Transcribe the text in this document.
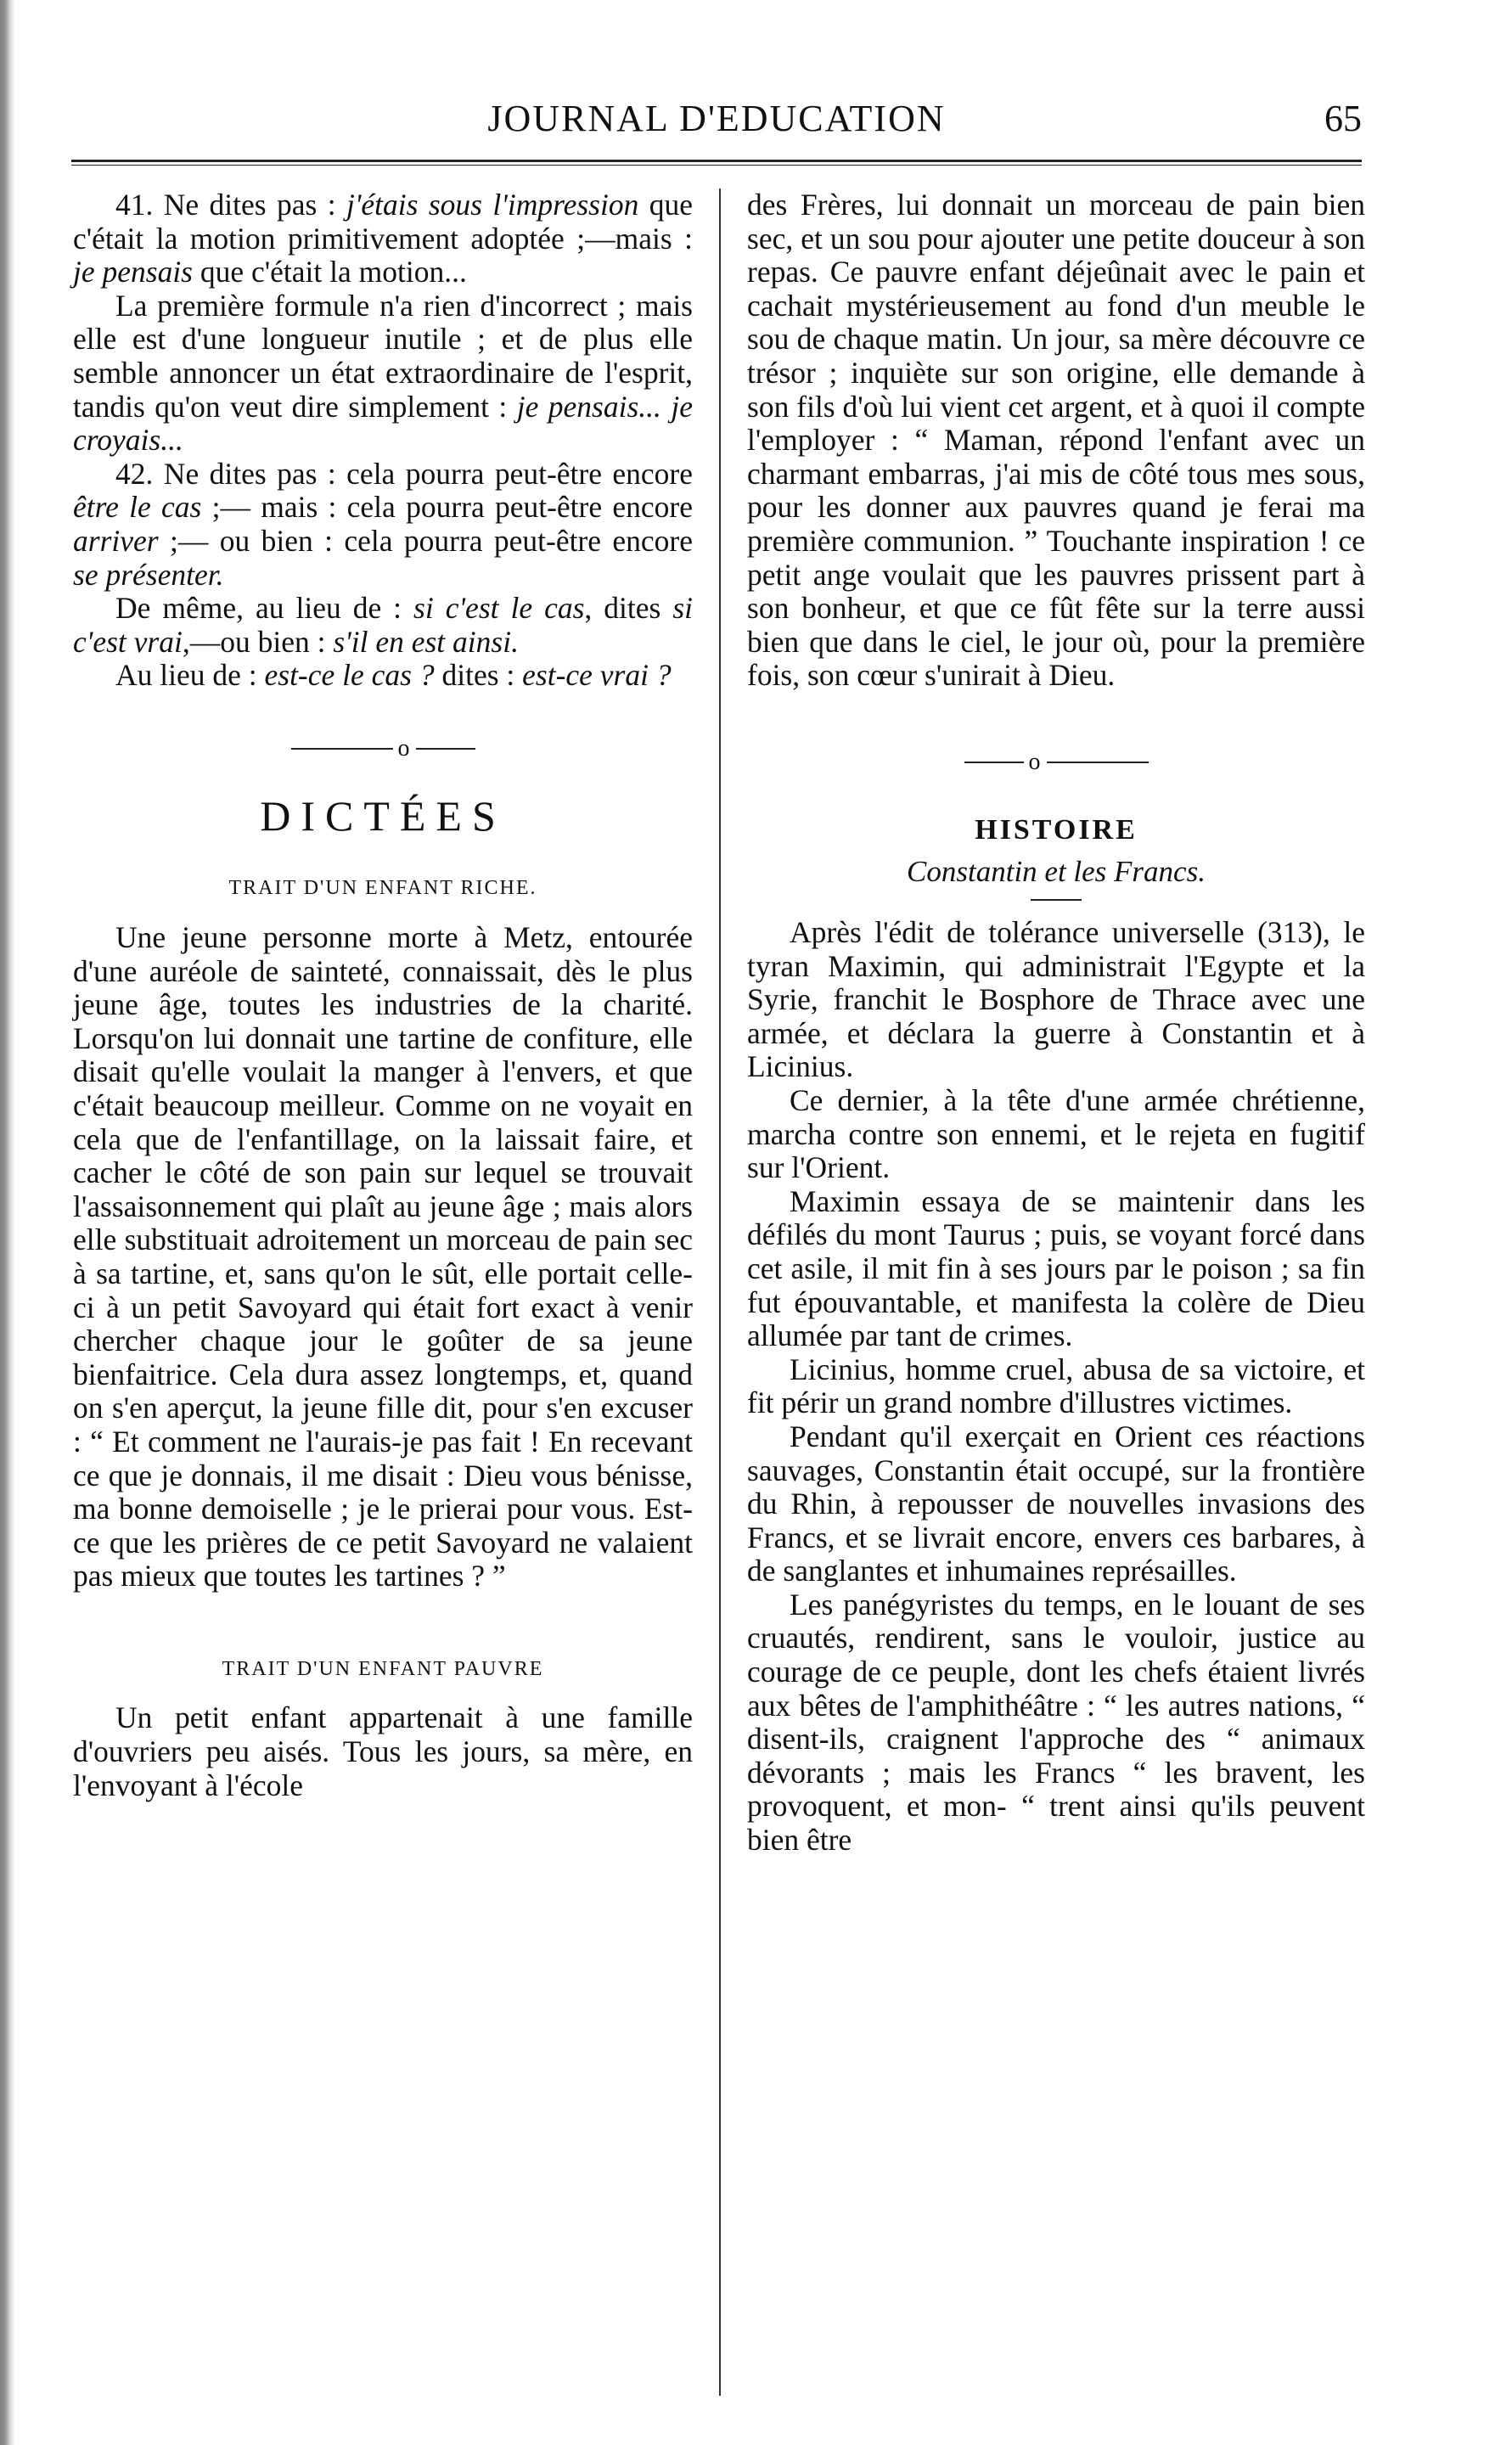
JOURNAL D'EDUCATION	65

41. Ne dites pas : j'étais sous l'impression que c'était la motion primitivement adoptée ;—mais : je pensais que c'était la motion...

La première formule n'a rien d'incorrect ; mais elle est d'une longueur inutile ; et de plus elle semble annoncer un état extraordinaire de l'esprit, tandis qu'on veut dire simplement : je pensais... je croyais...

42. Ne dites pas : cela pourra peut-être encore être le cas ;— mais : cela pourra peut-être encore arriver ;— ou bien : cela pourra peut-être encore se présenter.

De même, au lieu de : si c'est le cas, dites si c'est vrai,—ou bien : s'il en est ainsi.

Au lieu de : est-ce le cas ? dites : est-ce vrai ?

o
DICTÉES
TRAIT D'UN ENFANT RICHE.

Une jeune personne morte à Metz, entourée d'une auréole de sainteté, connaissait, dès le plus jeune âge, toutes les industries de la charité. Lorsqu'on lui donnait une tartine de confiture, elle disait qu'elle voulait la manger à l'envers, et que c'était beaucoup meilleur. Comme on ne voyait en cela que de l'enfantillage, on la laissait faire, et cacher le côté de son pain sur lequel se trouvait l'assaisonnement qui plaît au jeune âge ; mais alors elle substituait adroitement un morceau de pain sec à sa tartine, et, sans qu'on le sût, elle portait celle-ci à un petit Savoyard qui était fort exact à venir chercher chaque jour le goûter de sa jeune bienfaitrice. Cela dura assez longtemps, et, quand on s'en aperçut, la jeune fille dit, pour s'en excuser : “ Et comment ne l'aurais-je pas fait ! En recevant ce que je donnais, il me disait : Dieu vous bénisse, ma bonne demoiselle ; je le prierai pour vous. Est-ce que les prières de ce petit Savoyard ne valaient pas mieux que toutes les tartines ? ”

TRAIT D'UN ENFANT PAUVRE

Un petit enfant appartenait à une famille d'ouvriers peu aisés. Tous les jours, sa mère, en l'envoyant à l'école

des Frères, lui donnait un morceau de pain bien sec, et un sou pour ajouter une petite douceur à son repas. Ce pauvre enfant déjeûnait avec le pain et cachait mystérieusement au fond d'un meuble le sou de chaque matin. Un jour, sa mère découvre ce trésor ; inquiète sur son origine, elle demande à son fils d'où lui vient cet argent, et à quoi il compte l'employer : “ Maman, répond l'enfant avec un charmant embarras, j'ai mis de côté tous mes sous, pour les donner aux pauvres quand je ferai ma première communion. ” Touchante inspiration ! ce petit ange voulait que les pauvres prissent part à son bonheur, et que ce fût fête sur la terre aussi bien que dans le ciel, le jour où, pour la première fois, son cœur s'unirait à Dieu.

o
HISTOIRE
Constantin et les Francs.

Après l'édit de tolérance universelle (313), le tyran Maximin, qui administrait l'Egypte et la Syrie, franchit le Bosphore de Thrace avec une armée, et déclara la guerre à Constantin et à Licinius.

Ce dernier, à la tête d'une armée chrétienne, marcha contre son ennemi, et le rejeta en fugitif sur l'Orient.

Maximin essaya de se maintenir dans les défilés du mont Taurus ; puis, se voyant forcé dans cet asile, il mit fin à ses jours par le poison ; sa fin fut épouvantable, et manifesta la colère de Dieu allumée par tant de crimes.

Licinius, homme cruel, abusa de sa victoire, et fit périr un grand nombre d'illustres victimes.

Pendant qu'il exerçait en Orient ces réactions sauvages, Constantin était occupé, sur la frontière du Rhin, à repousser de nouvelles invasions des Francs, et se livrait encore, envers ces barbares, à de sanglantes et inhumaines représailles.

Les panégyristes du temps, en le louant de ses cruautés, rendirent, sans le vouloir, justice au courage de ce peuple, dont les chefs étaient livrés aux bêtes de l'amphithéâtre : “ les autres nations, “ disent-ils, craignent l'approche des “ animaux dévorants ; mais les Francs “ les bravent, les provoquent, et mon- “ trent ainsi qu'ils peuvent bien être
